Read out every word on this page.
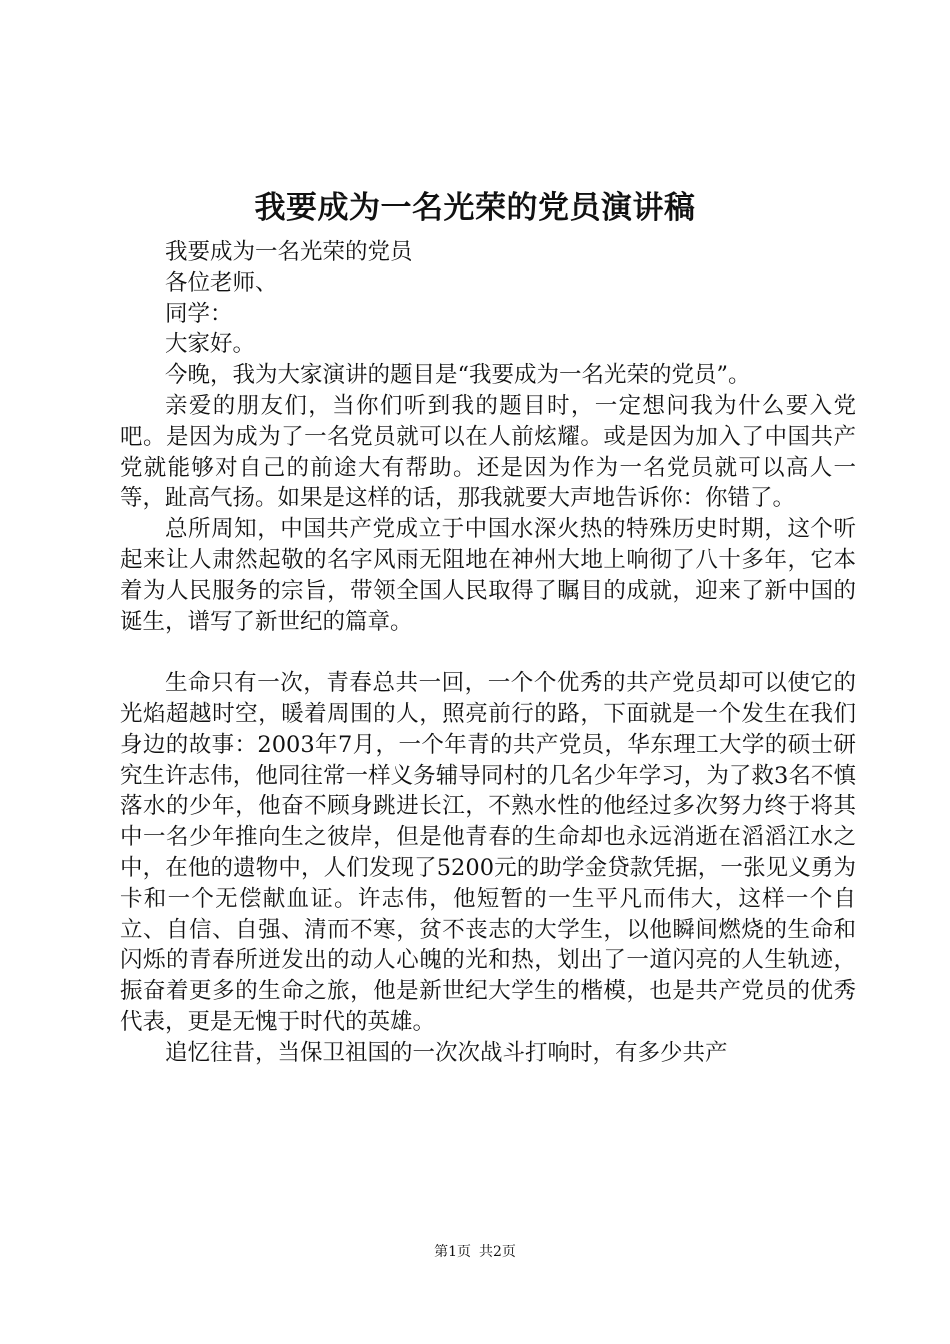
我要成为一名光荣的党员演讲稿

我要成为一名光荣的党员

各位老师、

同学：

大家好。

今晚，我为大家演讲的题目是“我要成为一名光荣的党员”。

亲爱的朋友们，当你们听到我的题目时，一定想问我为什么要入党吧。是因为成为了一名党员就可以在人前炫耀。或是因为加入了中国共产党就能够对自己的前途大有帮助。还是因为作为一名党员就可以高人一等，趾高气扬。如果是这样的话，那我就要大声地告诉你：你错了。

总所周知，中国共产党成立于中国水深火热的特殊历史时期，这个听起来让人肃然起敬的名字风雨无阻地在神州大地上响彻了八十多年，它本着为人民服务的宗旨，带领全国人民取得了瞩目的成就，迎来了新中国的诞生，谱写了新世纪的篇章。

生命只有一次，青春总共一回，一个个优秀的共产党员却可以使它的光焰超越时空，暖着周围的人，照亮前行的路，下面就是一个发生在我们身边的故事：2003年7月，一个年青的共产党员，华东理工大学的硕士研究生许志伟，他同往常一样义务辅导同村的几名少年学习，为了救3名不慎落水的少年，他奋不顾身跳进长江，不熟水性的他经过多次努力终于将其中一名少年推向生之彼岸，但是他青春的生命却也永远消逝在滔滔江水之中，在他的遗物中，人们发现了5200元的助学金贷款凭据，一张见义勇为卡和一个无偿献血证。许志伟，他短暂的一生平凡而伟大，这样一个自立、自信、自强、清而不寒，贫不丧志的大学生，以他瞬间燃烧的生命和闪烁的青春所迸发出的动人心魄的光和热，划出了一道闪亮的人生轨迹，振奋着更多的生命之旅，他是新世纪大学生的楷模，也是共产党员的优秀代表，更是无愧于时代的英雄。

追忆往昔，当保卫祖国的一次次战斗打响时，有多少共产

第1页 共2页
